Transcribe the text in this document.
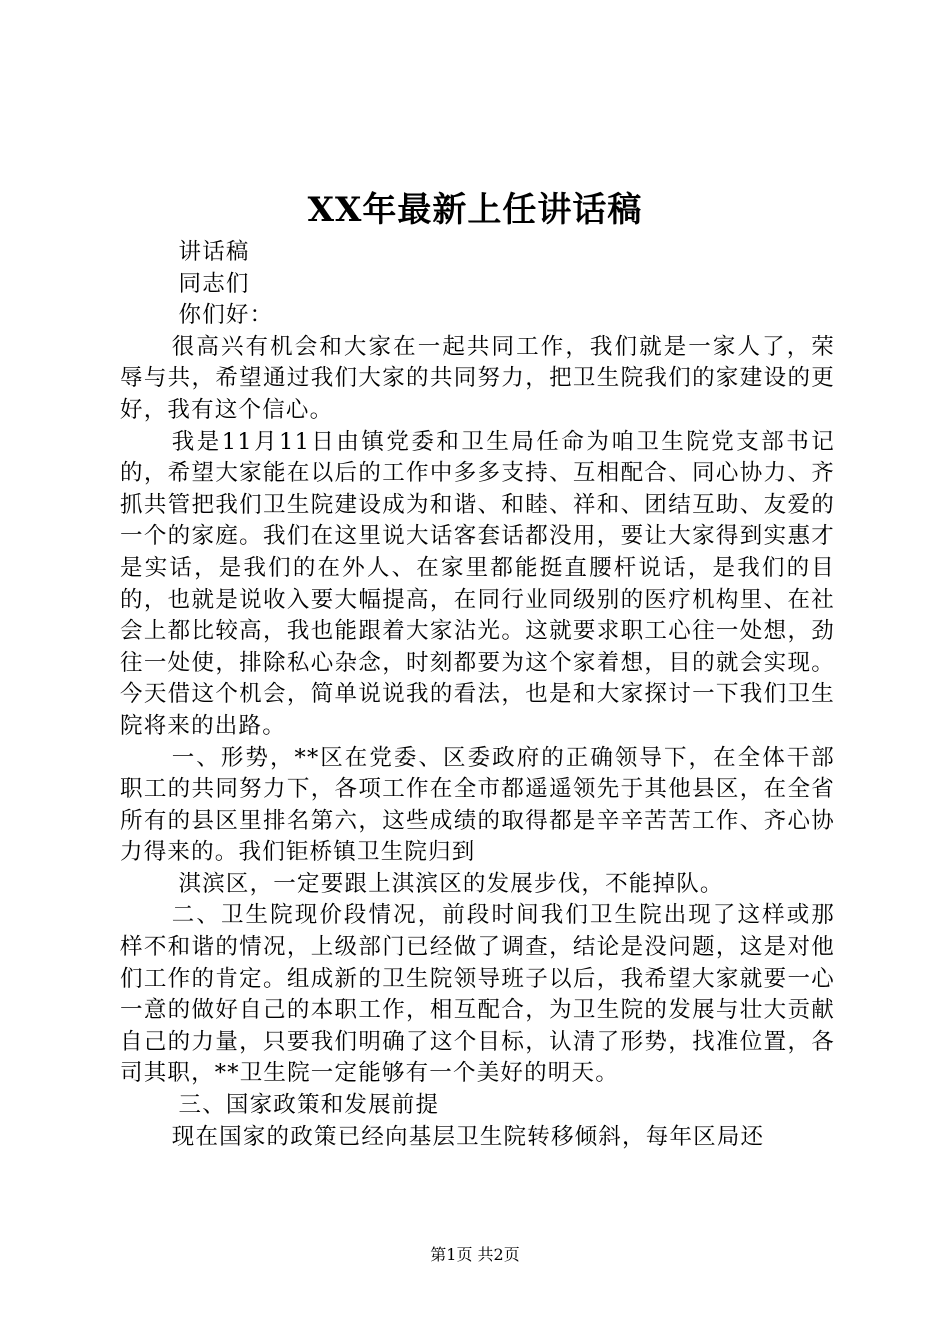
XX年最新上任讲话稿

讲话稿

同志们

你们好：

很高兴有机会和大家在一起共同工作，我们就是一家人了，荣辱与共，希望通过我们大家的共同努力，把卫生院我们的家建设的更好，我有这个信心。

我是11月11日由镇党委和卫生局任命为咱卫生院党支部书记的，希望大家能在以后的工作中多多支持、互相配合、同心协力、齐抓共管把我们卫生院建设成为和谐、和睦、祥和、团结互助、友爱的一个的家庭。我们在这里说大话客套话都没用，要让大家得到实惠才是实话，是我们的在外人、在家里都能挺直腰杆说话，是我们的目的，也就是说收入要大幅提高，在同行业同级别的医疗机构里、在社会上都比较高，我也能跟着大家沾光。这就要求职工心往一处想，劲往一处使，排除私心杂念，时刻都要为这个家着想，目的就会实现。今天借这个机会，简单说说我的看法，也是和大家探讨一下我们卫生院将来的出路。

一、形势，**区在党委、区委政府的正确领导下，在全体干部职工的共同努力下，各项工作在全市都遥遥领先于其他县区，在全省所有的县区里排名第六，这些成绩的取得都是辛辛苦苦工作、齐心协力得来的。我们钜桥镇卫生院归到

淇滨区，一定要跟上淇滨区的发展步伐，不能掉队。

二、卫生院现价段情况，前段时间我们卫生院出现了这样或那样不和谐的情况，上级部门已经做了调查，结论是没问题，这是对他们工作的肯定。组成新的卫生院领导班子以后，我希望大家就要一心一意的做好自己的本职工作，相互配合，为卫生院的发展与壮大贡献自己的力量，只要我们明确了这个目标，认清了形势，找准位置，各司其职，**卫生院一定能够有一个美好的明天。

三、国家政策和发展前提

现在国家的政策已经向基层卫生院转移倾斜，每年区局还

第1页 共2页
